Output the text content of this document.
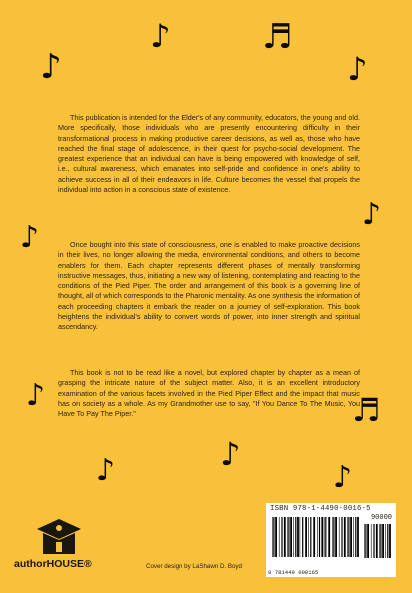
♪
♪	♬
♪
♪
♪
♪	♬
♪	♪
♪

This publication is intended for the Elder's of any community, educators, the young and old. More specifically, those individuals who are presently encountering difficulty in their transformational process in making productive career decisions, as well as, those who have reached the final stage of adolescence, in their quest for psycho-social development. The greatest experience that an individual can have is being empowered with knowledge of self, i.e., cultural awareness, which emanates into self-pride and confidence in one's ability to achieve success in all of their endeavors in life. Culture becomes the vessel that propels the individual into action in a conscious state of existence.

Once bought into this state of consciousness, one is enabled to make proactive decisions in their lives, no longer allowing the media, environmental conditions, and others to become enablers for them. Each chapter represents different phases of mentally transforming instructive messages, thus, initiating a new way of listening, contemplating and reacting to the conditions of the Pied Piper. The order and arrangement of this book is a governing line of thought, all of which corresponds to the Pharonic mentality. As one synthesis the information of each proceeding chapters it embark the reader on a journey of self-exploration. This book heightens the individual's ability to convert words of power, into inner strength and spiritual ascendancy.

This book is not to be read like a novel, but explored chapter by chapter as a mean of grasping the intricate nature of the subject matter. Also, it is an excellent introductory examination of the various facets involved in the Pied Piper Effect and the impact that music has on society as a whole. As my Grandmother use to say, "If You Dance To The Music, You Have To Pay The Piper."

authorHOUSE®	Cover design by LaShawn D. Boyd
ISBN 978-1-4490-0016-5
90000
9 781449 000165
